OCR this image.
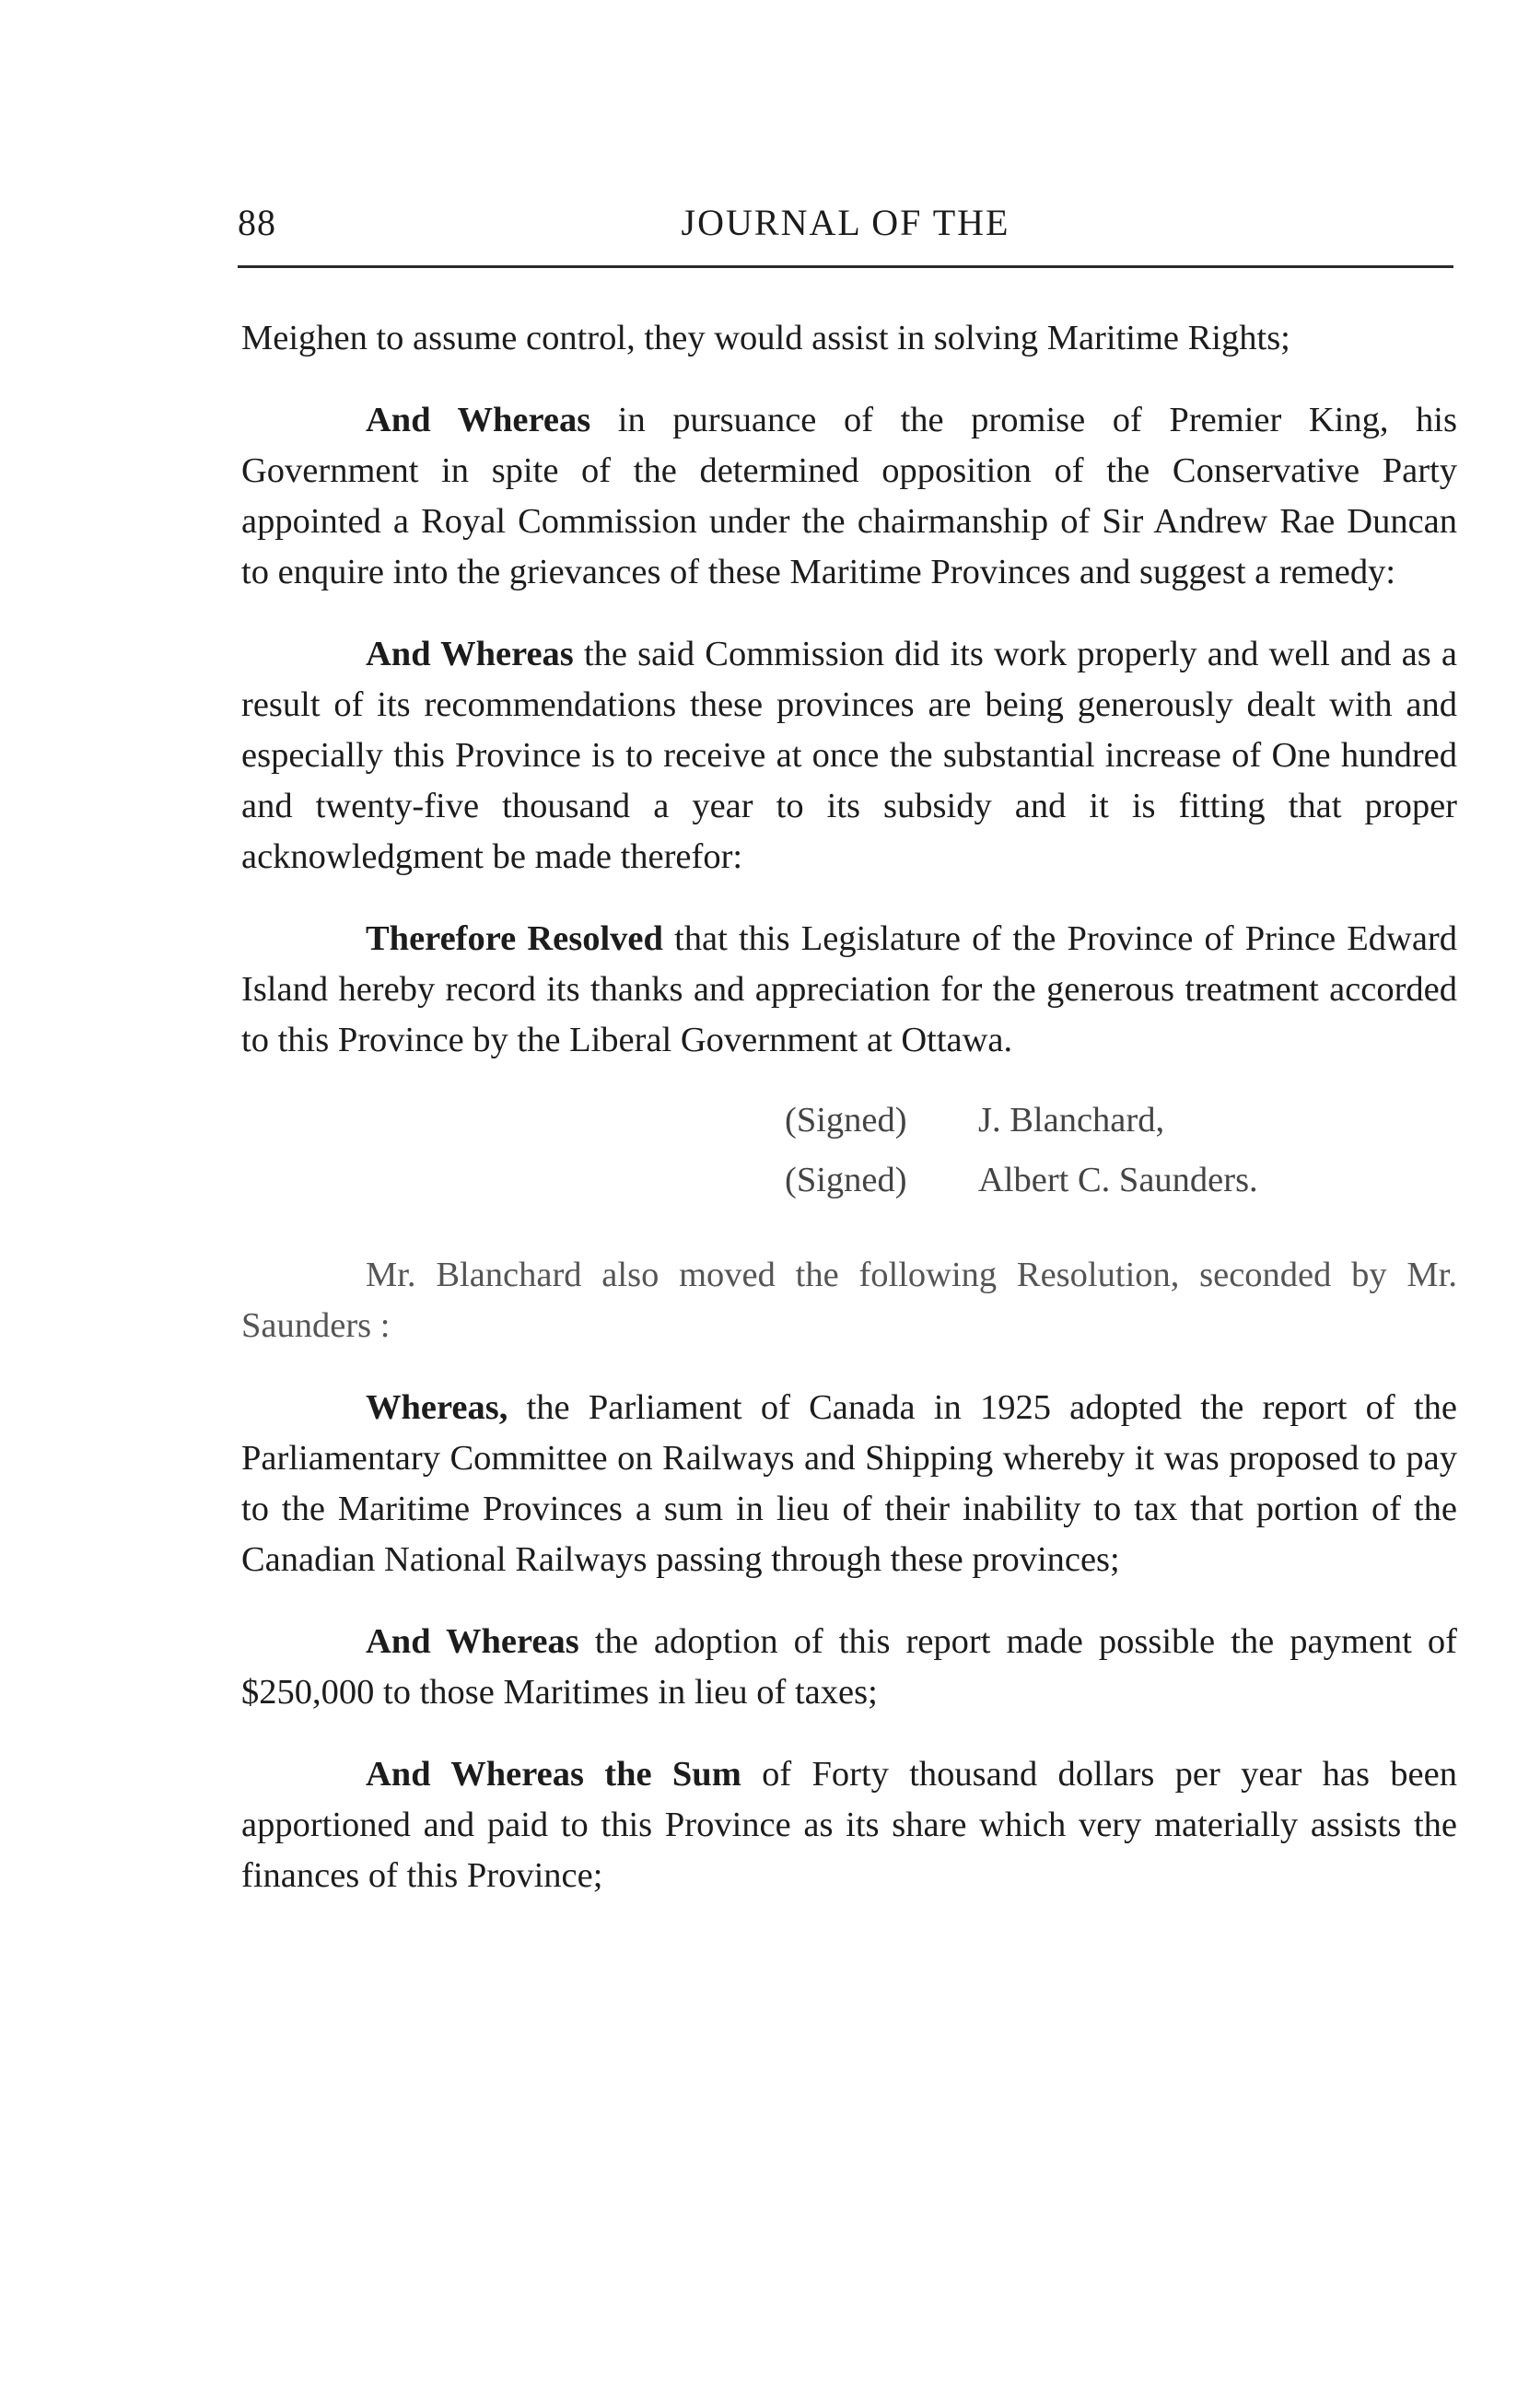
88	JOURNAL OF THE

Meighen to assume control, they would assist in solving Maritime Rights;

And Whereas in pursuance of the promise of Premier King, his Government in spite of the determined opposition of the Conservative Party appointed a Royal Commission under the chairmanship of Sir Andrew Rae Duncan to enquire into the grievances of these Maritime Provinces and suggest a remedy:

And Whereas the said Commission did its work properly and well and as a result of its recommendations these provinces are being generously dealt with and especially this Province is to receive at once the substantial increase of One hundred and twenty-five thousand a year to its subsidy and it is fitting that proper acknowledgment be made therefor:

Therefore Resolved that this Legislature of the Province of Prince Edward Island hereby record its thanks and appreciation for the generous treatment accorded to this Province by the Liberal Government at Ottawa.

(Signed)	J. Blanchard,
(Signed)	Albert C. Saunders.

Mr. Blanchard also moved the following Resolution, seconded by Mr. Saunders :

Whereas, the Parliament of Canada in 1925 adopted the report of the Parliamentary Committee on Railways and Shipping whereby it was proposed to pay to the Maritime Provinces a sum in lieu of their inability to tax that portion of the Canadian National Railways passing through these provinces;

And Whereas the adoption of this report made possible the payment of $250,000 to those Maritimes in lieu of taxes;

And Whereas the Sum of Forty thousand dollars per year has been apportioned and paid to this Province as its share which very materially assists the finances of this Province;
